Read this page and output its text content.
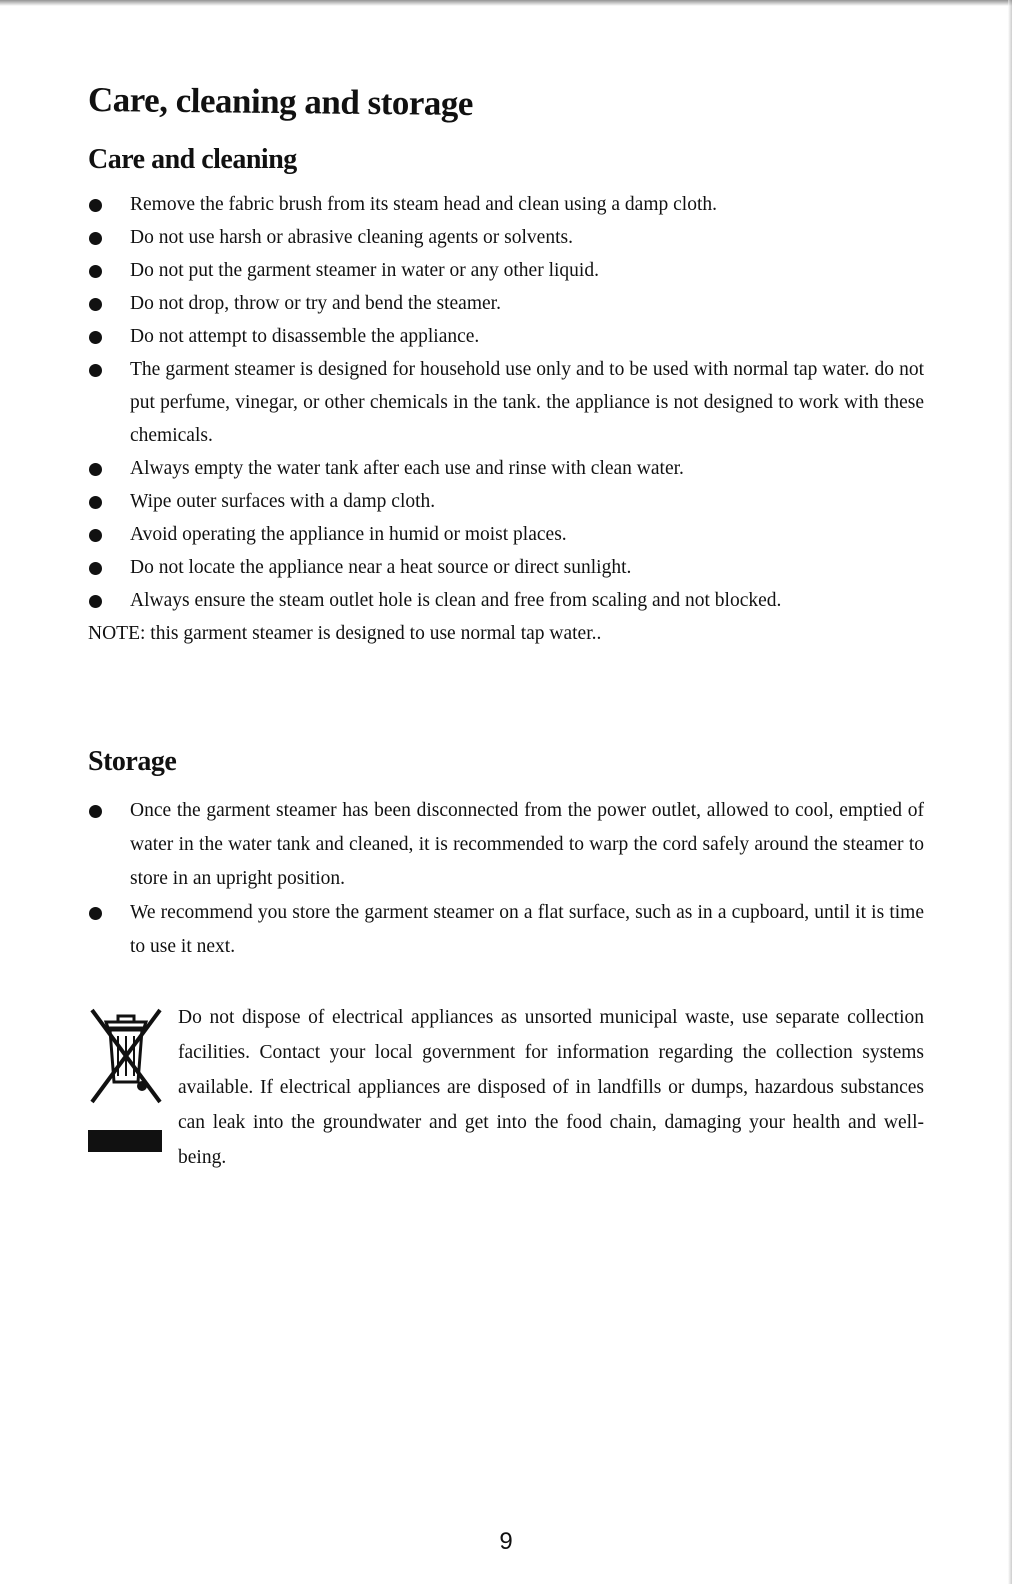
Care, cleaning and storage
Care and cleaning
Remove the fabric brush from its steam head and clean using a damp cloth.
Do not use harsh or abrasive cleaning agents or solvents.
Do not put the garment steamer in water or any other liquid.
Do not drop, throw or try and bend the steamer.
Do not attempt to disassemble the appliance.
The garment steamer is designed for household use only and to be used with normal tap water. do not put perfume, vinegar, or other chemicals in the tank. the appliance is not designed to work with these chemicals.
Always empty the water tank after each use and rinse with clean water.
Wipe outer surfaces with a damp cloth.
Avoid operating the appliance in humid or moist places.
Do not locate the appliance near a heat source or direct sunlight.
Always ensure the steam outlet hole is clean and free from scaling and not blocked.

NOTE: this garment steamer is designed to use normal tap water..

Storage
Once the garment steamer has been disconnected from the power outlet, allowed to cool, emptied of water in the water tank and cleaned, it is recommended to warp the cord safely around the steamer to store in an upright position.
We recommend you store the garment steamer on a flat surface, such as in a cupboard, until it is time to use it next.

Do not dispose of electrical appliances as unsorted municipal waste, use separate collection facilities. Contact your local government for information regarding the collection systems available. If electrical appliances are disposed of in landfills or dumps, hazardous substances can leak into the groundwater and get into the food chain, damaging your health and well-being.

9
